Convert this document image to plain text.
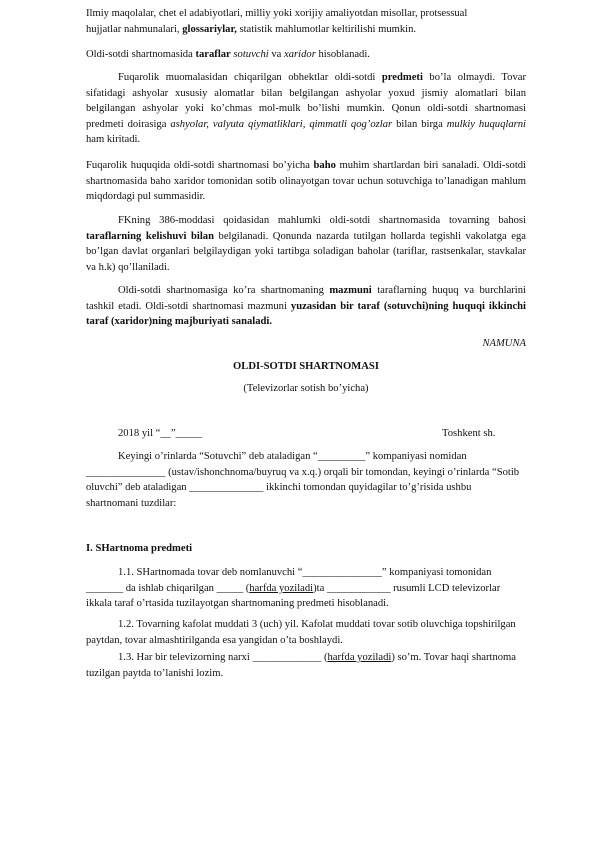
Ilmiy maqolalar, chet el adabiyotlari, milliy yoki xorijiy amaliyotdan misollar, protsessual
hujjatlar nahmunalari, glossariylar, statistik mahlumotlar keltirilishi mumkin.

Oldi-sotdi shartnomasida taraflar sotuvchi va xaridor hisoblanadi.

Fuqarolik muomalasidan chiqarilgan obhektlar oldi-sotdi predmeti bo’la olmaydi. Tovar sifatidagi ashyolar xususiy alomatlar bilan belgilangan ashyolar yoxud jismiy alomatlari bilan belgilangan ashyolar yoki ko’chmas mol-mulk bo’lishi mumkin. Qonun oldi-sotdi shartnomasi predmeti doirasiga ashyolar, valyuta qiymatliklari, qimmatli qog’ozlar bilan birga mulkiy huquqlarni ham kiritadi.

Fuqarolik huquqida oldi-sotdi shartnomasi bo’yicha baho muhim shartlardan biri sanaladi. Oldi-sotdi shartnomasida baho xaridor tomonidan sotib olinayotgan tovar uchun sotuvchiga to’lanadigan mahlum miqdordagi pul summasidir.

FKning 386-moddasi qoidasidan mahlumki oldi-sotdi shartnomasida tovarning bahosi taraflarning kelishuvi bilan belgilanadi. Qonunda nazarda tutilgan hollarda tegishli vakolatga ega bo’lgan davlat organlari belgilaydigan yoki tartibga soladigan baholar (tariflar, rastsenkalar, stavkalar va h.k) qo’llaniladi.

Oldi-sotdi shartnomasiga ko’ra shartnomaning mazmuni taraflarning huquq va burchlarini tashkil etadi. Oldi-sotdi shartnomasi mazmuni yuzasidan bir taraf (sotuvchi)ning huquqi ikkinchi taraf (xaridor)ning majburiyati sanaladi.

NAMUNA

OLDI-SOTDI SHARTNOMASI

(Televizorlar sotish bo’yicha)

2018 yil “__”_____	Toshkent sh.

Keyingi o’rinlarda “Sotuvchi” deb ataladigan “_________” kompaniyasi nomidan _______________ (ustav/ishonchnoma/buyruq va x.q.) orqali bir tomondan, keyingi o’rinlarda “Sotib oluvchi” deb ataladigan ______________ ikkinchi tomondan quyidagilar to’g’risida ushbu shartnomani tuzdilar:

I. SHartnoma predmeti

1.1. SHartnomada tovar deb nomlanuvchi “_______________” kompaniyasi tomonidan _______ da ishlab chiqarilgan _____ (harfda yoziladi)ta ____________ rusumli LCD televizorlar ikkala taraf o’rtasida tuzilayotgan shartnomaning predmeti hisoblanadi.

1.2. Tovarning kafolat muddati 3 (uch) yil. Kafolat muddati tovar sotib oluvchiga topshirilgan paytdan, tovar almashtirilganda esa yangidan o’ta boshlaydi.

1.3. Har bir televizorning narxi _____________ (harfda yoziladi) so’m. Tovar haqi shartnoma tuzilgan paytda to’lanishi lozim.
